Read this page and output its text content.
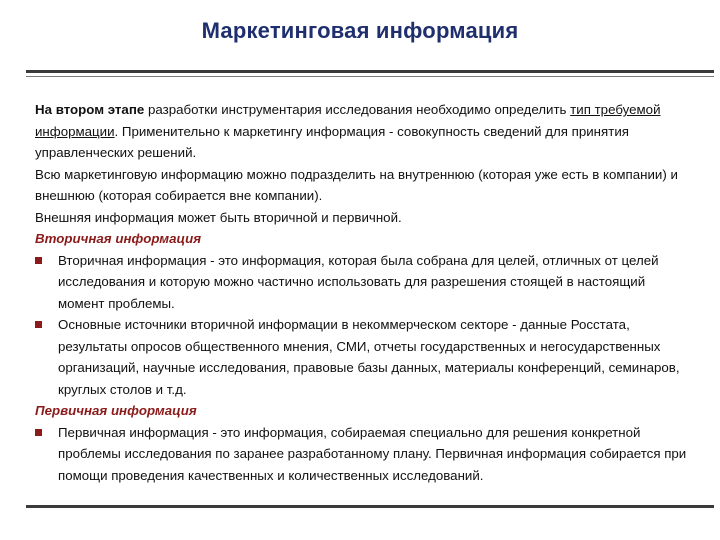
Маркетинговая информация

На втором этапе разработки инструментария исследования необходимо определить тип требуемой информации. Применительно к маркетингу информация - совокупность сведений для принятия управленческих решений.

Всю маркетинговую информацию можно подразделить на внутреннюю (которая уже есть в компании) и внешнюю (которая собирается вне компании).

Внешняя информация может быть вторичной и первичной.

Вторичная информация

Вторичная информация - это информация, которая была собрана для целей, отличных от целей исследования и которую можно частично использовать для разрешения стоящей в настоящий момент проблемы.
Основные источники вторичной информации в некоммерческом секторе - данные Росстата, результаты опросов общественного мнения, СМИ, отчеты государственных и негосударственных организаций, научные исследования, правовые базы данных, материалы конференций, семинаров, круглых столов и т.д.

Первичная информация

Первичная информация - это информация, собираемая специально для решения конкретной проблемы исследования по заранее разработанному плану. Первичная информация собирается при помощи проведения качественных и количественных исследований.
